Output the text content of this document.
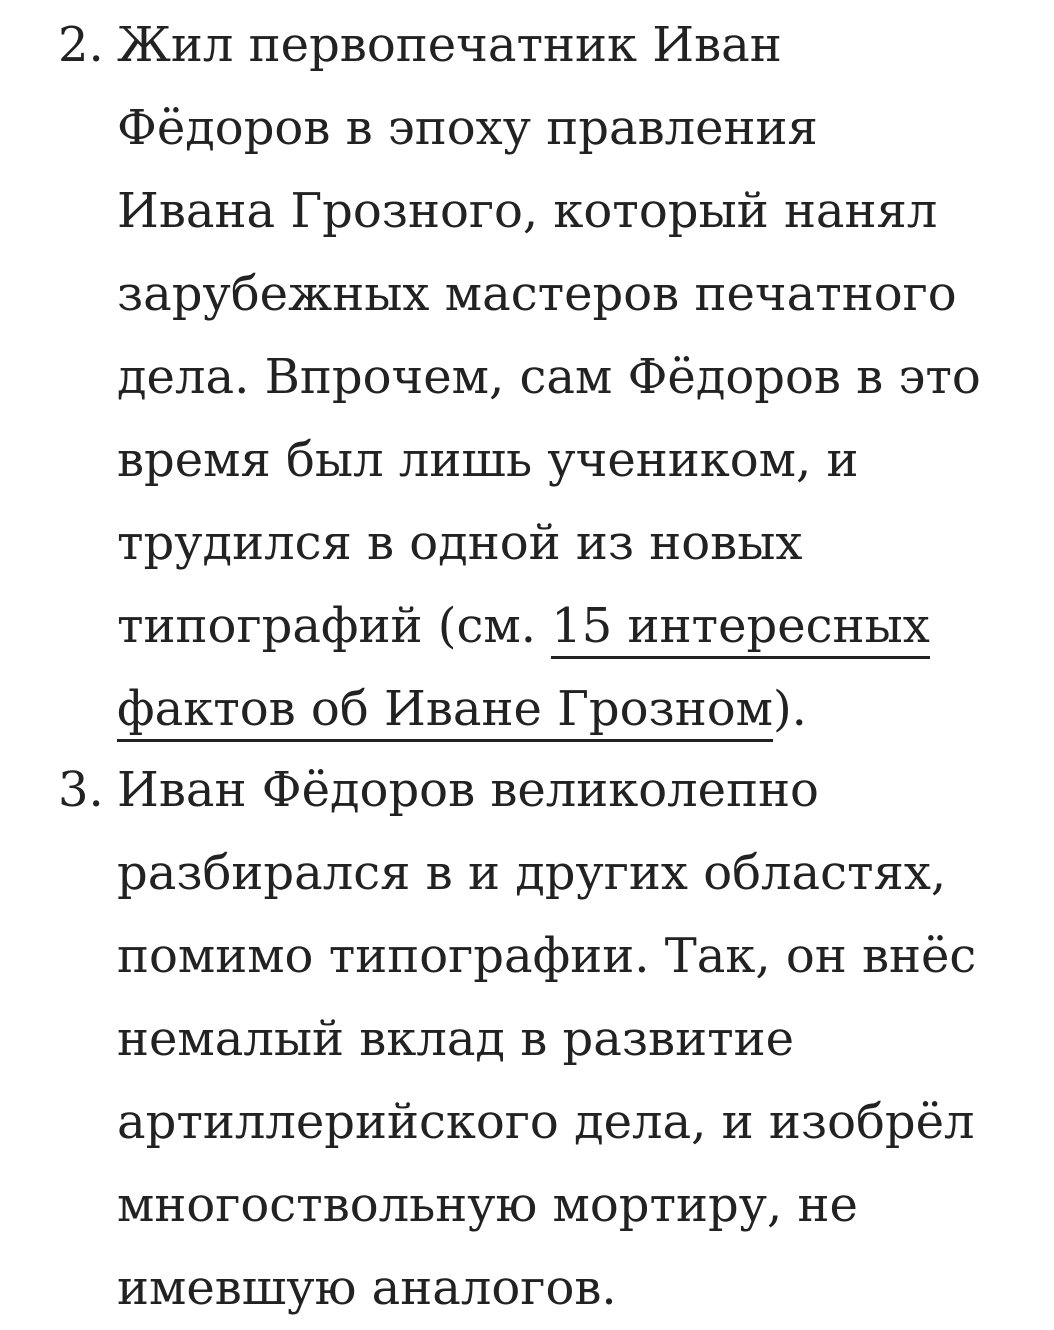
2. Жил первопечатник Иван
Фёдоров в эпоху правления
Ивана Грозного, который нанял
зарубежных мастеров печатного
дела. Впрочем, сам Фёдоров в это
время был лишь учеником, и
трудился в одной из новых
типографий (см. 15 интересных
фактов об Иване Грозном).
3. Иван Фёдоров великолепно
разбирался в и других областях,
помимо типографии. Так, он внёс
немалый вклад в развитие
артиллерийского дела, и изобрёл
многоствольную мортиру, не
имевшую аналогов.
